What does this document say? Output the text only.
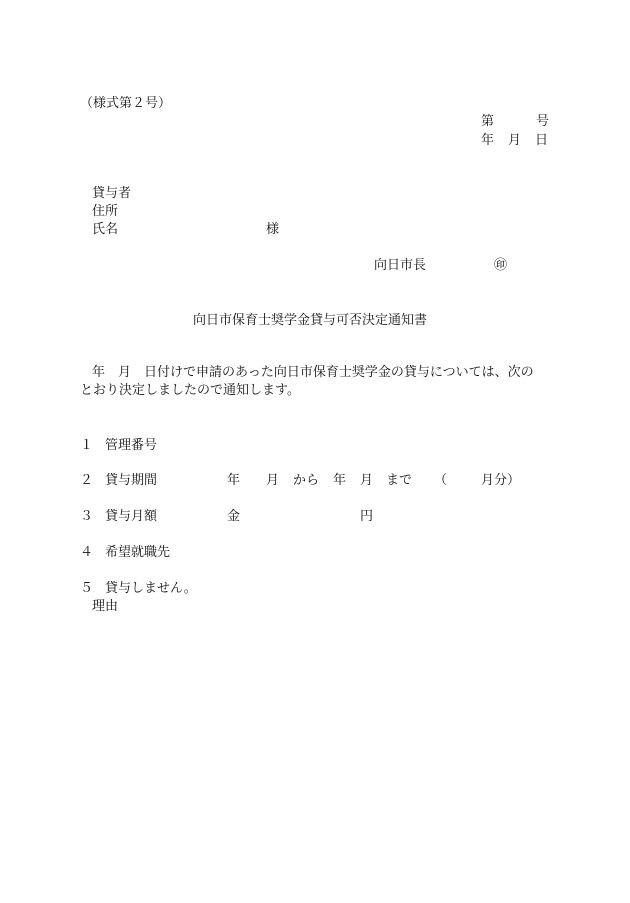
（様式第２号）
第	号
年 月 日
貸与者
住所
氏名	様
向日市長	㊞
向日市保育士奨学金貸与可否決定通知書
年　月　日付けで申請のあった向日市保育士奨学金の貸与については、次の
とおり決定しましたので通知します。
１ 管理番号
２ 貸与期間	年 月 から 年 月 まで （	月分）
３ 貸与月額	金	円
４ 希望就職先
５ 貸与しません。
理由
